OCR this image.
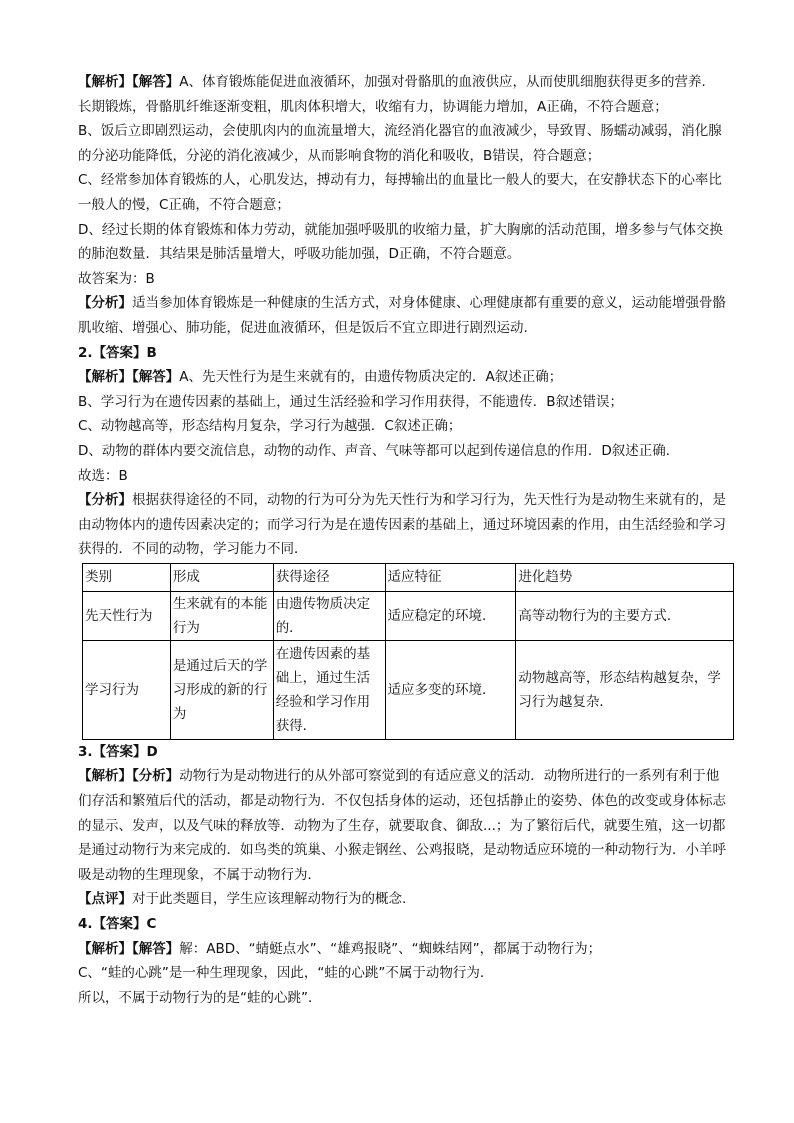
【解析】【解答】A、体育锻炼能促进血液循环，加强对骨骼肌的血液供应，从而使肌细胞获得更多的营养．长期锻炼，骨骼肌纤维逐渐变粗，肌肉体积增大，收缩有力，协调能力增加，A正确，不符合题意；

B、饭后立即剧烈运动，会使肌肉内的血流量增大，流经消化器官的血液减少，导致胃、肠蠕动减弱，消化腺的分泌功能降低，分泌的消化液减少，从而影响食物的消化和吸收，B错误，符合题意；

C、经常参加体育锻炼的人，心肌发达，搏动有力，每搏输出的血量比一般人的要大，在安静状态下的心率比一般人的慢，C正确，不符合题意；

D、经过长期的体育锻炼和体力劳动，就能加强呼吸肌的收缩力量，扩大胸廓的活动范围，增多参与气体交换的肺泡数量．其结果是肺活量增大，呼吸功能加强，D正确，不符合题意。

故答案为：B

【分析】适当参加体育锻炼是一种健康的生活方式，对身体健康、心理健康都有重要的意义，运动能增强骨骼肌收缩、增强心、肺功能，促进血液循环，但是饭后不宜立即进行剧烈运动.

2.【答案】B

【解析】【解答】A、先天性行为是生来就有的，由遗传物质决定的．A叙述正确；

B、学习行为在遗传因素的基础上，通过生活经验和学习作用获得，不能遗传．B叙述错误；

C、动物越高等，形态结构月复杂，学习行为越强．C叙述正确；

D、动物的群体内要交流信息，动物的动作、声音、气味等都可以起到传递信息的作用．D叙述正确．

故选：B

【分析】根据获得途径的不同，动物的行为可分为先天性行为和学习行为，先天性行为是动物生来就有的，是由动物体内的遗传因素决定的；而学习行为是在遗传因素的基础上，通过环境因素的作用，由生活经验和学习获得的．不同的动物，学习能力不同．

类别	形成	获得途径	适应特征	进化趋势
先天性行为	生来就有的本能行为	由遗传物质决定的．	适应稳定的环境．	高等动物行为的主要方式．
学习行为	是通过后天的学习形成的新的行为	在遗传因素的基础上，通过生活经验和学习作用获得．	适应多变的环境．	动物越高等，形态结构越复杂，学习行为越复杂．

3.【答案】D

【解析】【分析】动物行为是动物进行的从外部可察觉到的有适应意义的活动．动物所进行的一系列有利于他们存活和繁殖后代的活动，都是动物行为．不仅包括身体的运动，还包括静止的姿势、体色的改变或身体标志的显示、发声，以及气味的释放等．动物为了生存，就要取食、御敌...；为了繁衍后代，就要生殖，这一切都是通过动物行为来完成的．如鸟类的筑巢、小猴走钢丝、公鸡报晓，是动物适应环境的一种动物行为．小羊呼吸是动物的生理现象，不属于动物行为．

【点评】对于此类题目，学生应该理解动物行为的概念.

4.【答案】C

【解析】【解答】解：ABD、“蜻蜓点水”、“雄鸡报晓”、“蜘蛛结网”，都属于动物行为；

C、“蛙的心跳”是一种生理现象，因此，“蛙的心跳”不属于动物行为．

所以，不属于动物行为的是“蛙的心跳”．
